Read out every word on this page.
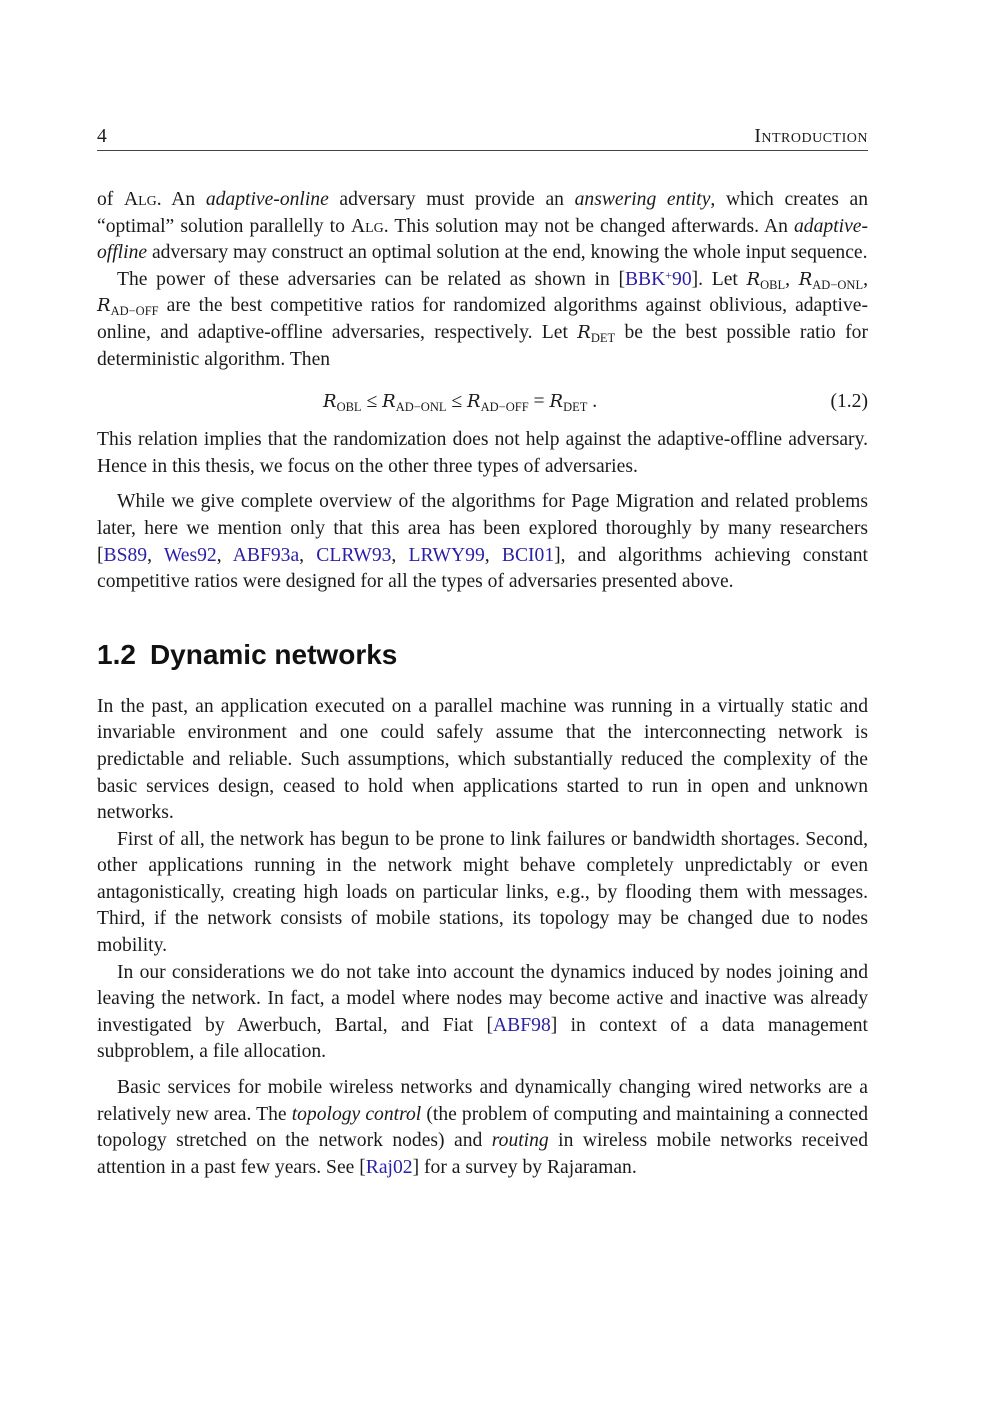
4	Introduction

of Alg. An adaptive-online adversary must provide an answering entity, which creates an “optimal” solution parallelly to Alg. This solution may not be changed afterwards. An adaptive-offline adversary may construct an optimal solution at the end, knowing the whole input sequence.

The power of these adversaries can be related as shown in [BBK+90]. Let $R_{OBL}$, $R_{AD-ONL}$, $R_{AD-OFF}$ are the best competitive ratios for randomized algorithms against oblivious, adaptive-online, and adaptive-offline adversaries, respectively. Let $R_{DET}$ be the best possible ratio for deterministic algorithm. Then

$R_{OBL} \le R_{AD-ONL} \le R_{AD-OFF} = R_{DET}$ .	(1.2)

This relation implies that the randomization does not help against the adaptive-offline adversary. Hence in this thesis, we focus on the other three types of adversaries.

While we give complete overview of the algorithms for Page Migration and related problems later, here we mention only that this area has been explored thoroughly by many researchers [BS89, Wes92, ABF93a, CLRW93, LRWY99, BCI01], and algorithms achieving constant competitive ratios were designed for all the types of adversaries presented above.

1.2 Dynamic networks

In the past, an application executed on a parallel machine was running in a virtually static and invariable environment and one could safely assume that the interconnecting network is predictable and reliable. Such assumptions, which substantially reduced the complexity of the basic services design, ceased to hold when applications started to run in open and unknown networks.

First of all, the network has begun to be prone to link failures or bandwidth shortages. Second, other applications running in the network might behave completely unpredictably or even antagonistically, creating high loads on particular links, e.g., by flooding them with messages. Third, if the network consists of mobile stations, its topology may be changed due to nodes mobility.

In our considerations we do not take into account the dynamics induced by nodes joining and leaving the network. In fact, a model where nodes may become active and inactive was already investigated by Awerbuch, Bartal, and Fiat [ABF98] in context of a data management subproblem, a file allocation.

Basic services for mobile wireless networks and dynamically changing wired networks are a relatively new area. The topology control (the problem of computing and maintaining a connected topology stretched on the network nodes) and routing in wireless mobile networks received attention in a past few years. See [Raj02] for a survey by Rajaraman.
